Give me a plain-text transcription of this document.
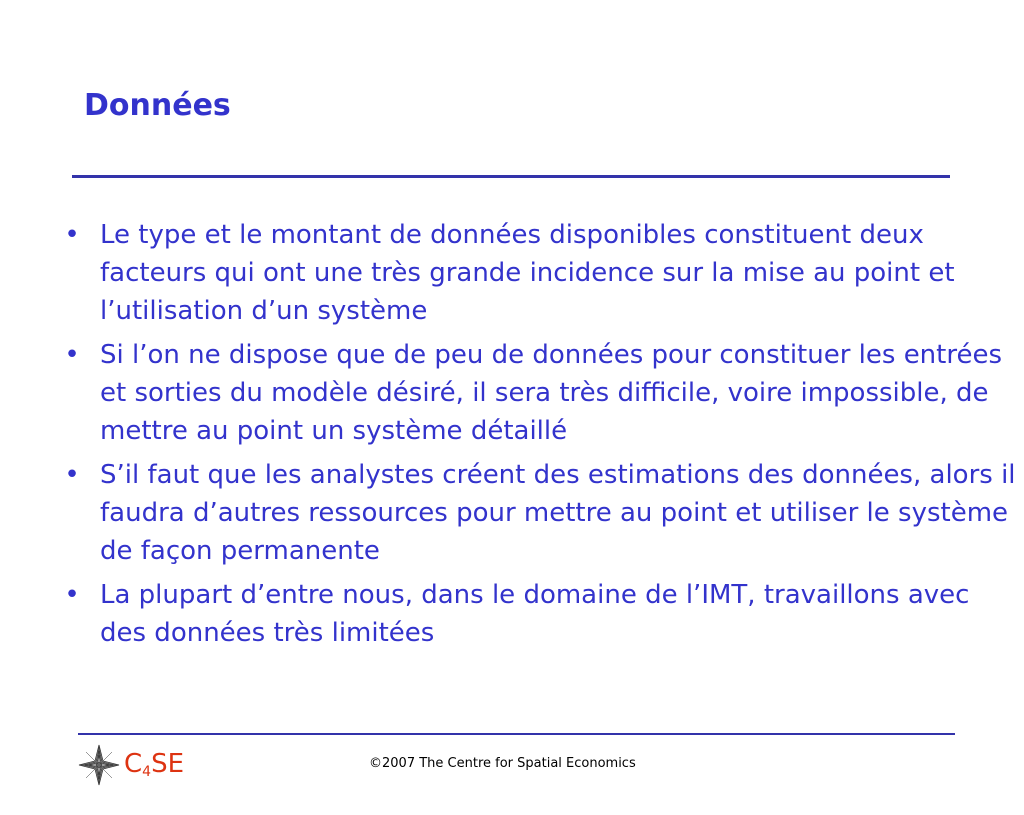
Données
• Le type et le montant de données disponibles constituent deux facteurs qui ont une très grande incidence sur la mise au point et l’utilisation d’un système
• Si l’on ne dispose que de peu de données pour constituer les entrées et sorties du modèle désiré, il sera très difficile, voire impossible, de mettre au point un système détaillé
• S’il faut que les analystes créent des estimations des données, alors il faudra d’autres ressources pour mettre au point et utiliser le système de façon permanente
• La plupart d’entre nous, dans le domaine de l’IMT, travaillons avec des données très limitées
C4SE	©2007 The Centre for Spatial Economics
